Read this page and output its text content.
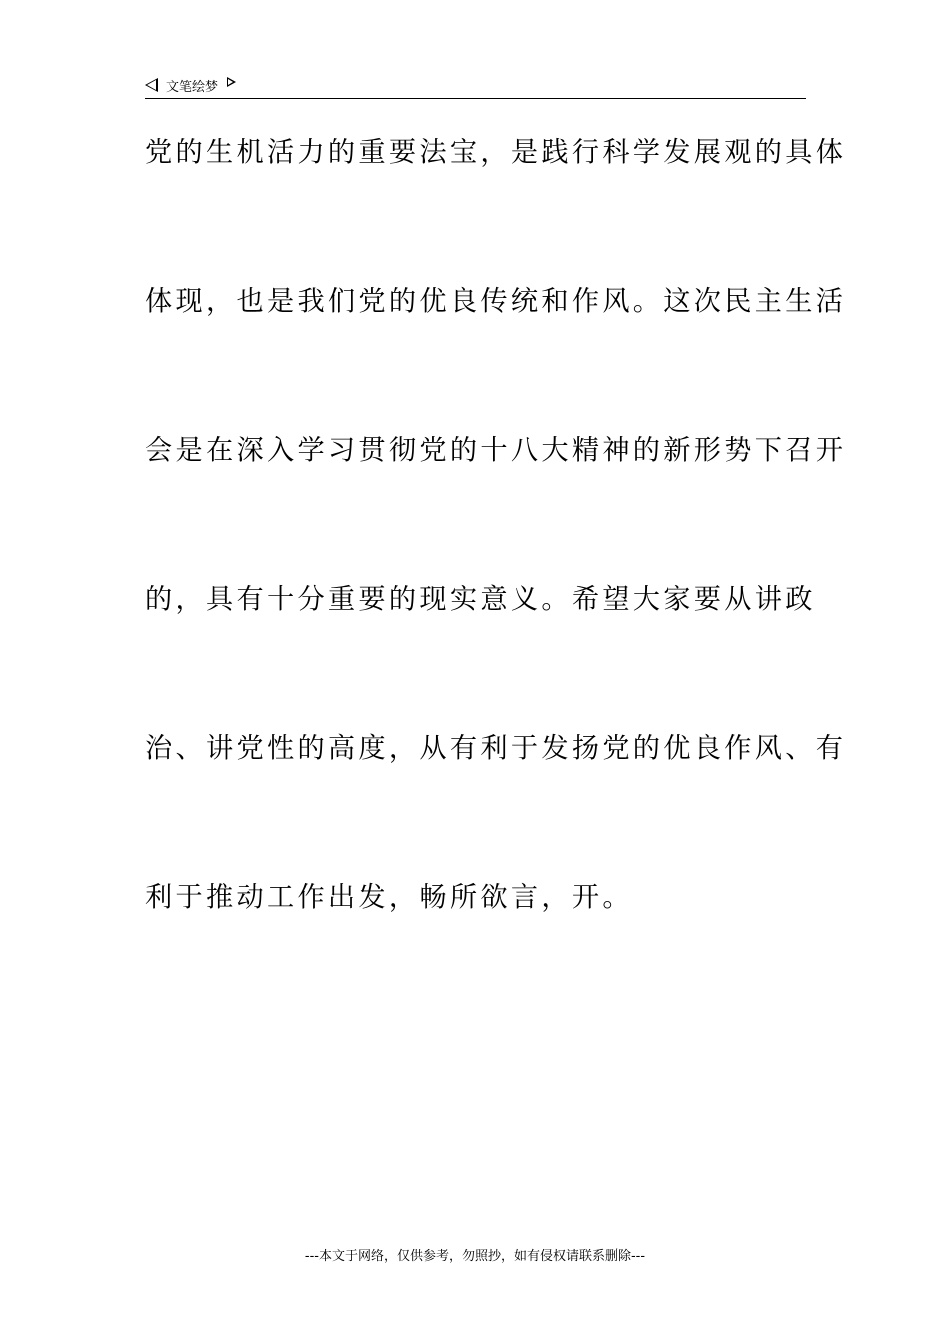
文笔绘梦
党的生机活力的重要法宝，是践行科学发展观的具体
体现，也是我们党的优良传统和作风。这次民主生活
会是在深入学习贯彻党的十八大精神的新形势下召开
的，具有十分重要的现实意义。希望大家要从讲政
治、讲党性的高度，从有利于发扬党的优良作风、有
利于推动工作出发，畅所欲言，开。
---本文于网络，仅供参考，勿照抄，如有侵权请联系删除---
